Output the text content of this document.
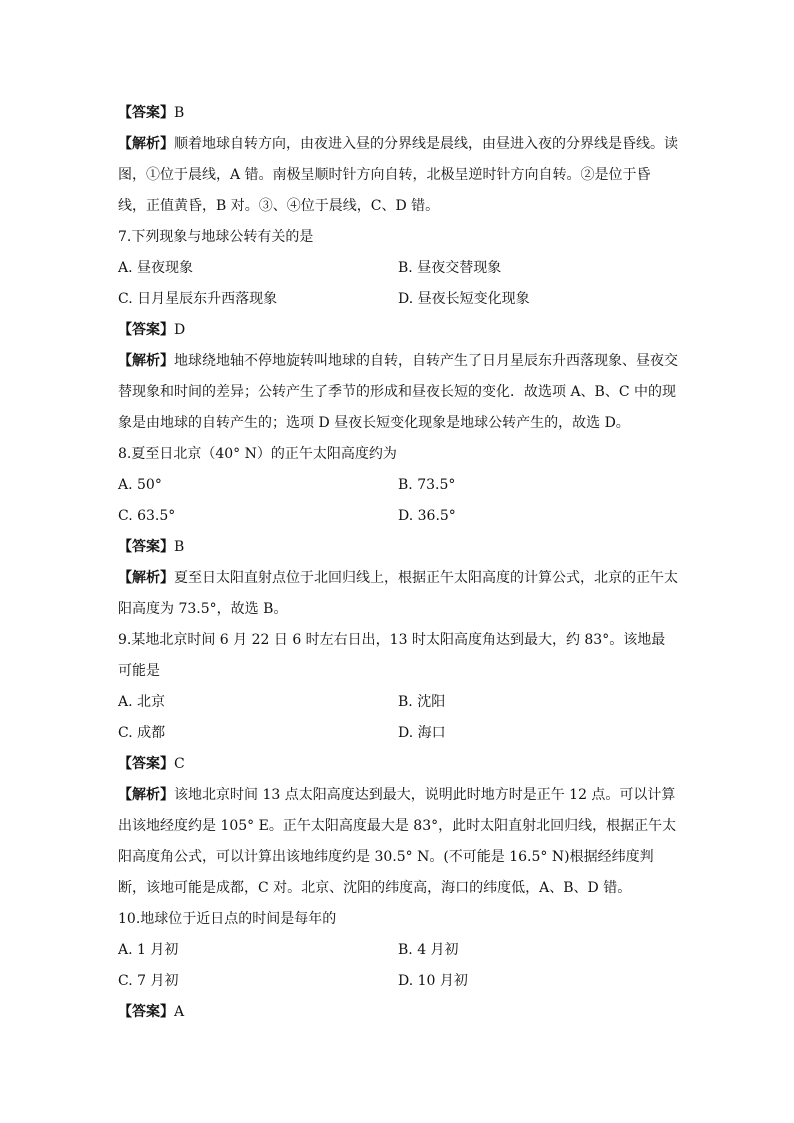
【答案】B

【解析】顺着地球自转方向，由夜进入昼的分界线是晨线，由昼进入夜的分界线是昏线。读图，①位于晨线，A 错。南极呈顺时针方向自转，北极呈逆时针方向自转。②是位于昏线，正值黄昏，B 对。③、④位于晨线，C、D 错。

7.下列现象与地球公转有关的是

A. 昼夜现象	B. 昼夜交替现象
C. 日月星辰东升西落现象	D. 昼夜长短变化现象

【答案】D

【解析】地球绕地轴不停地旋转叫地球的自转，自转产生了日月星辰东升西落现象、昼夜交替现象和时间的差异；公转产生了季节的形成和昼夜长短的变化．故选项 A、B、C 中的现象是由地球的自转产生的；选项 D 昼夜长短变化现象是地球公转产生的，故选 D。

8.夏至日北京（40° N）的正午太阳高度约为

A. 50°	B. 73.5°
C. 63.5°	D. 36.5°

【答案】B

【解析】夏至日太阳直射点位于北回归线上，根据正午太阳高度的计算公式，北京的正午太阳高度为 73.5°，故选 B。

9.某地北京时间 6 月 22 日 6 时左右日出，13 时太阳高度角达到最大，约 83°。该地最可能是

A. 北京	B. 沈阳
C. 成都	D. 海口

【答案】C

【解析】该地北京时间 13 点太阳高度达到最大，说明此时地方时是正午 12 点。可以计算出该地经度约是 105° E。正午太阳高度最大是 83°，此时太阳直射北回归线，根据正午太阳高度角公式，可以计算出该地纬度约是 30.5° N。(不可能是 16.5° N)根据经纬度判断，该地可能是成都，C 对。北京、沈阳的纬度高，海口的纬度低，A、B、D 错。

10.地球位于近日点的时间是每年的

A. 1 月初	B. 4 月初
C. 7 月初	D. 10 月初

【答案】A
